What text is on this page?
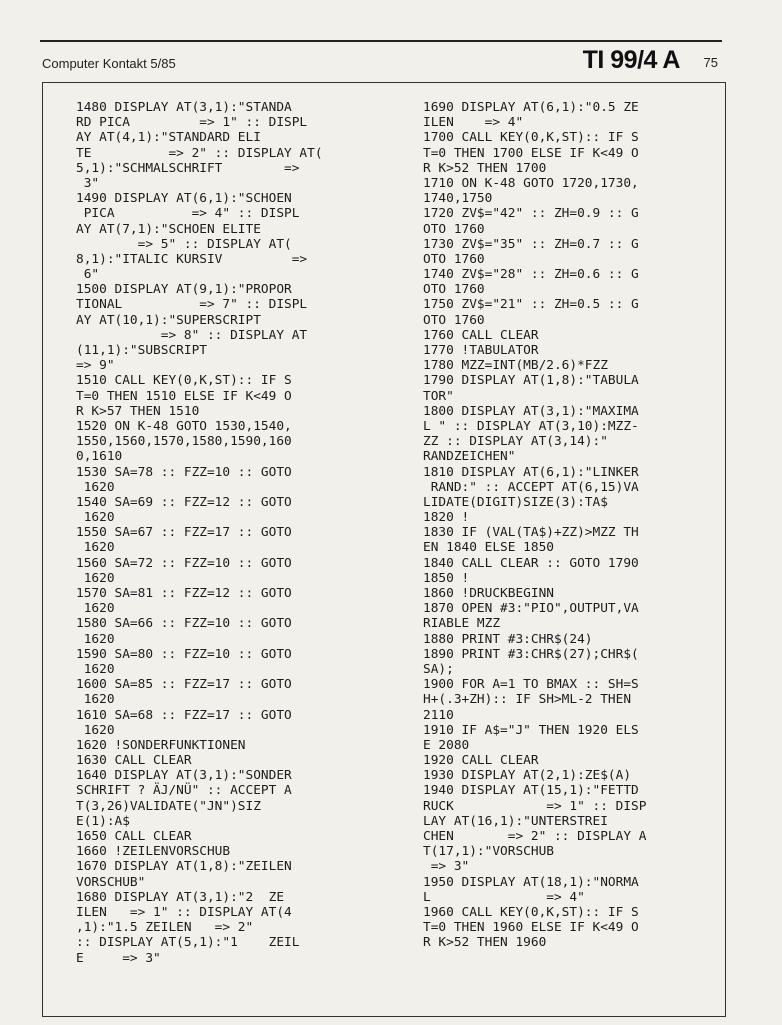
Computer Kontakt 5/85	TI 99/4 A 75
1480 DISPLAY AT(3,1):"STANDA
RD PICA         => 1" :: DISPL
AY AT(4,1):"STANDARD ELI
TE          => 2" :: DISPLAY AT(
5,1):"SCHMALSCHRIFT        =>
3"
1490 DISPLAY AT(6,1):"SCHOEN
PICA          => 4" :: DISPL
AY AT(7,1):"SCHOEN ELITE
=> 5" :: DISPLAY AT(
8,1):"ITALIC KURSIV         =>
6"
1500 DISPLAY AT(9,1):"PROPOR
TIONAL          => 7" :: DISPL
AY AT(10,1):"SUPERSCRIPT
=> 8" :: DISPLAY AT
(11,1):"SUBSCRIPT
=> 9"
1510 CALL KEY(0,K,ST):: IF S
T=0 THEN 1510 ELSE IF K<49 O
R K>57 THEN 1510
1520 ON K-48 GOTO 1530,1540,
1550,1560,1570,1580,1590,160
0,1610
1530 SA=78 :: FZZ=10 :: GOTO
1620
1540 SA=69 :: FZZ=12 :: GOTO
1620
1550 SA=67 :: FZZ=17 :: GOTO
1620
1560 SA=72 :: FZZ=10 :: GOTO
1620
1570 SA=81 :: FZZ=12 :: GOTO
1620
1580 SA=66 :: FZZ=10 :: GOTO
1620
1590 SA=80 :: FZZ=10 :: GOTO
1620
1600 SA=85 :: FZZ=17 :: GOTO
1620
1610 SA=68 :: FZZ=17 :: GOTO
1620
1620 !SONDERFUNKTIONEN
1630 CALL CLEAR
1640 DISPLAY AT(3,1):"SONDER
SCHRIFT ? ÄJ/NÜ" :: ACCEPT A
T(3,26)VALIDATE("JN")SIZ
E(1):A$
1650 CALL CLEAR
1660 !ZEILENVORSCHUB
1670 DISPLAY AT(1,8):"ZEILEN
VORSCHUB"
1680 DISPLAY AT(3,1):"2  ZE
ILEN   => 1" :: DISPLAY AT(4
,1):"1.5 ZEILEN   => 2"
:: DISPLAY AT(5,1):"1    ZEIL
E     => 3"
1690 DISPLAY AT(6,1):"0.5 ZE
ILEN    => 4"
1700 CALL KEY(0,K,ST):: IF S
T=0 THEN 1700 ELSE IF K<49 O
R K>52 THEN 1700
1710 ON K-48 GOTO 1720,1730,
1740,1750
1720 ZV$="42" :: ZH=0.9 :: G
OTO 1760
1730 ZV$="35" :: ZH=0.7 :: G
OTO 1760
1740 ZV$="28" :: ZH=0.6 :: G
OTO 1760
1750 ZV$="21" :: ZH=0.5 :: G
OTO 1760
1760 CALL CLEAR
1770 !TABULATOR
1780 MZZ=INT(MB/2.6)*FZZ
1790 DISPLAY AT(1,8):"TABULA
TOR"
1800 DISPLAY AT(3,1):"MAXIMA
L " :: DISPLAY AT(3,10):MZZ-
ZZ :: DISPLAY AT(3,14):"
RANDZEICHEN"
1810 DISPLAY AT(6,1):"LINKER
RAND:" :: ACCEPT AT(6,15)VA
LIDATE(DIGIT)SIZE(3):TA$
1820 !
1830 IF (VAL(TA$)+ZZ)>MZZ TH
EN 1840 ELSE 1850
1840 CALL CLEAR :: GOTO 1790
1850 !
1860 !DRUCKBEGINN
1870 OPEN #3:"PIO",OUTPUT,VA
RIABLE MZZ
1880 PRINT #3:CHR$(24)
1890 PRINT #3:CHR$(27);CHR$(
SA);
1900 FOR A=1 TO BMAX :: SH=S
H+(.3+ZH):: IF SH>ML-2 THEN
2110
1910 IF A$="J" THEN 1920 ELS
E 2080
1920 CALL CLEAR
1930 DISPLAY AT(2,1):ZE$(A)
1940 DISPLAY AT(15,1):"FETTD
RUCK            => 1" :: DISP
LAY AT(16,1):"UNTERSTREI
CHEN       => 2" :: DISPLAY A
T(17,1):"VORSCHUB
=> 3"
1950 DISPLAY AT(18,1):"NORMA
L               => 4"
1960 CALL KEY(0,K,ST):: IF S
T=0 THEN 1960 ELSE IF K<49 O
R K>52 THEN 1960
